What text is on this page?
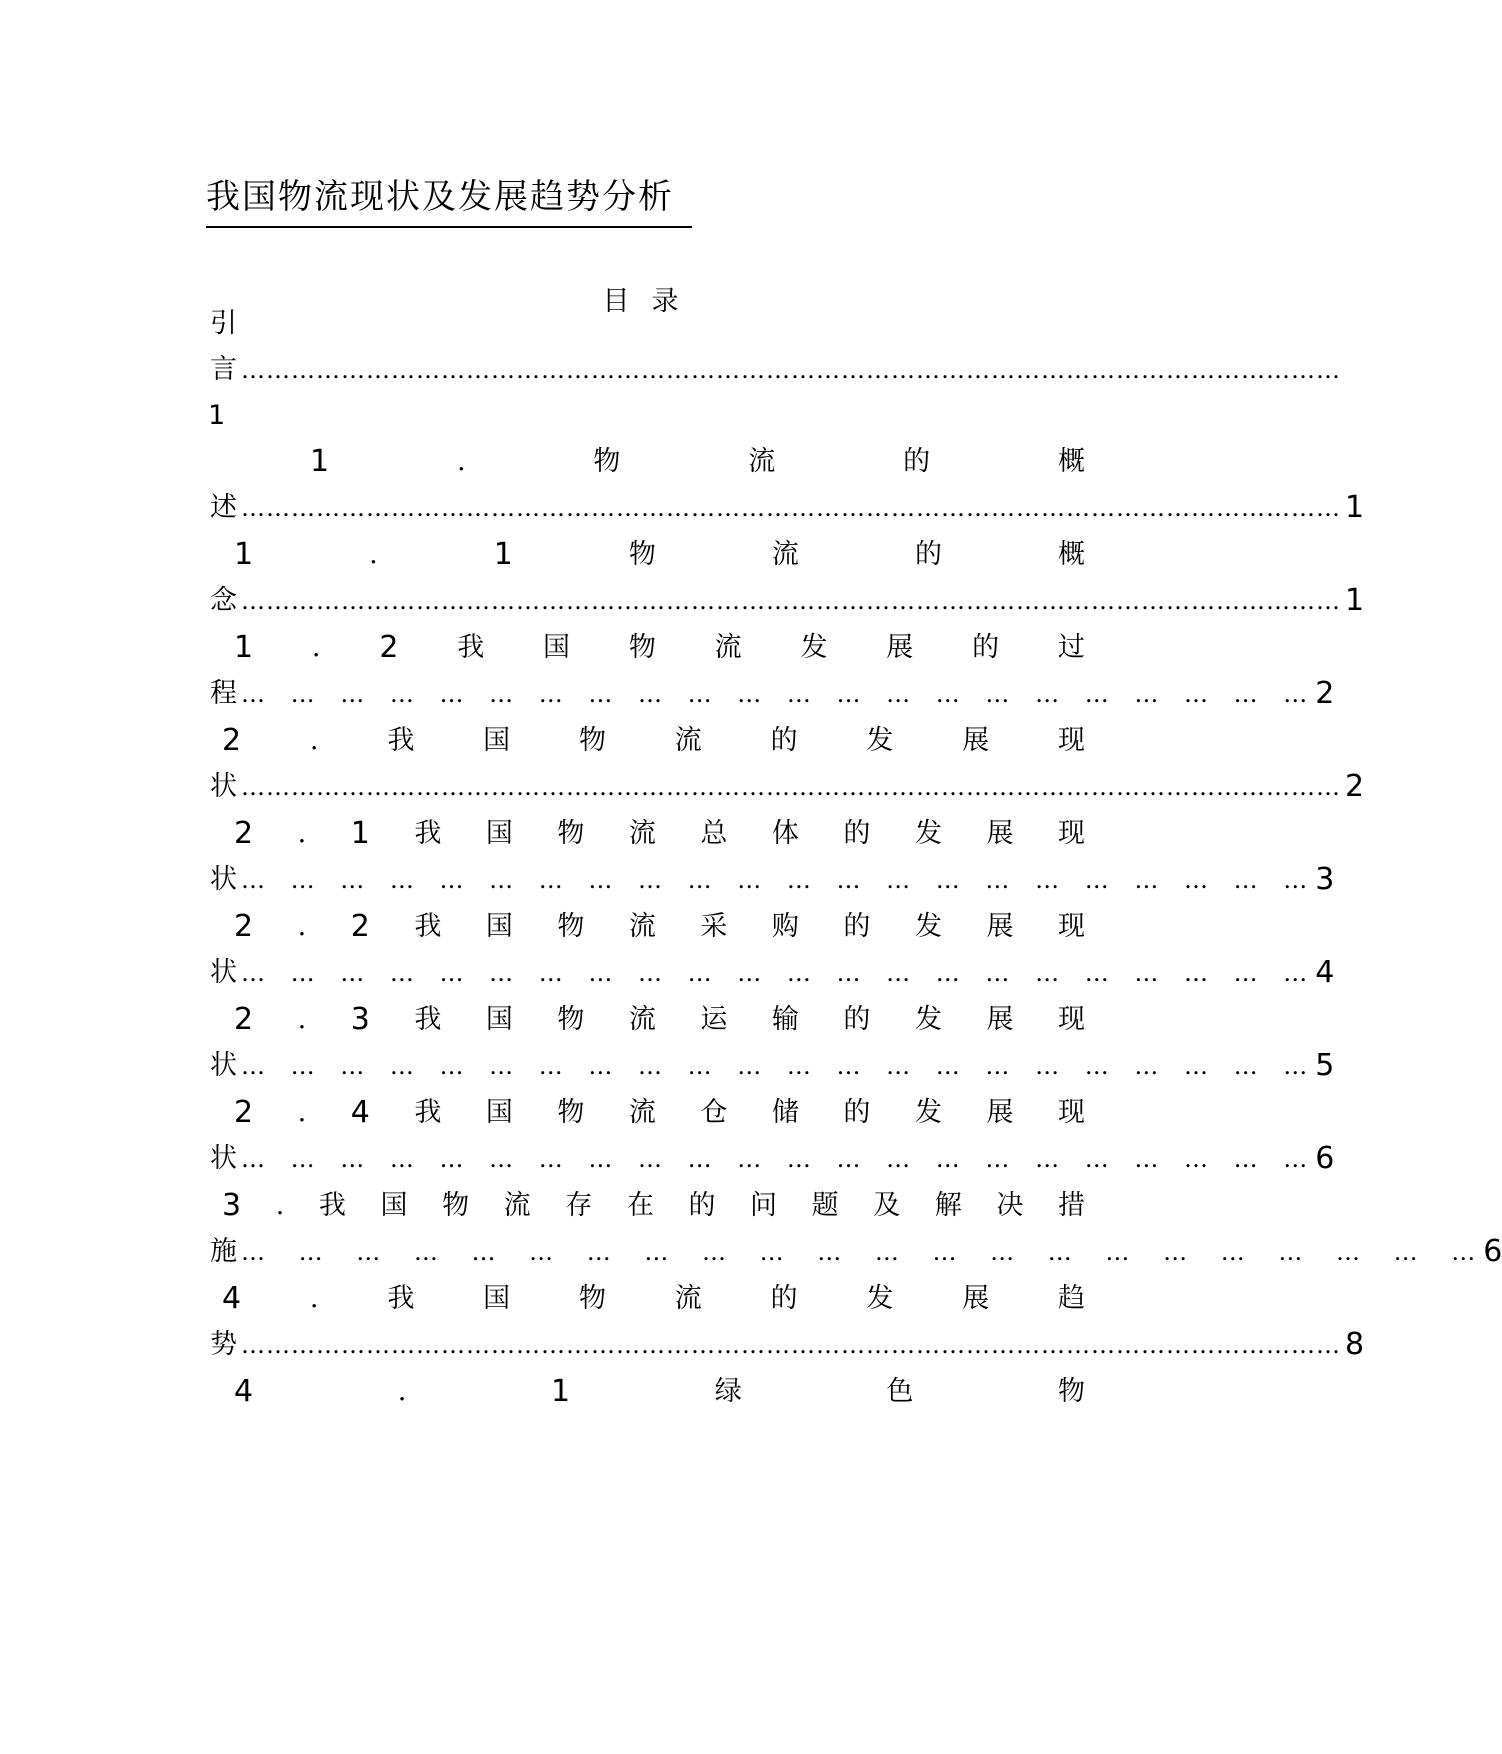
我国物流现状及发展趋势分析
目 录
引
言 ……………………………………………………………………………………………………………………
1
1	.	物	流	的	概
述 …………………………………………………………………………………………………………………… 1
1	.	1	物	流	的	概
念 …………………………………………………………………………………………………………………… 1
1 . 2 我 国 物 流 发 展 的 过
程 … … … … … … … … … … … … … … … … … … … … … … 2
2	.	我	国	物	流	的	发	展	现
状 …………………………………………………………………………………………………………………… 2
2 . 1 我 国 物 流 总 体 的 发 展 现
状 … … … … … … … … … … … … … … … … … … … … … … 3
2 . 2 我 国 物 流 采 购 的 发 展 现
状 … … … … … … … … … … … … … … … … … … … … … … 4
2 . 3 我 国 物 流 运 输 的 发 展 现
状 … … … … … … … … … … … … … … … … … … … … … … 5
2 . 4 我 国 物 流 仓 储 的 发 展 现
状 … … … … … … … … … … … … … … … … … … … … … … 6
3 . 我 国 物 流 存 在 的 问 题 及 解 决 措
施 … … … … … … … … … … … … … … … … … … … … … … 6
4	.	我	国	物	流	的	发	展	趋
势 …………………………………………………………………………………………………………………… 8
4	.	1	绿	色	物
